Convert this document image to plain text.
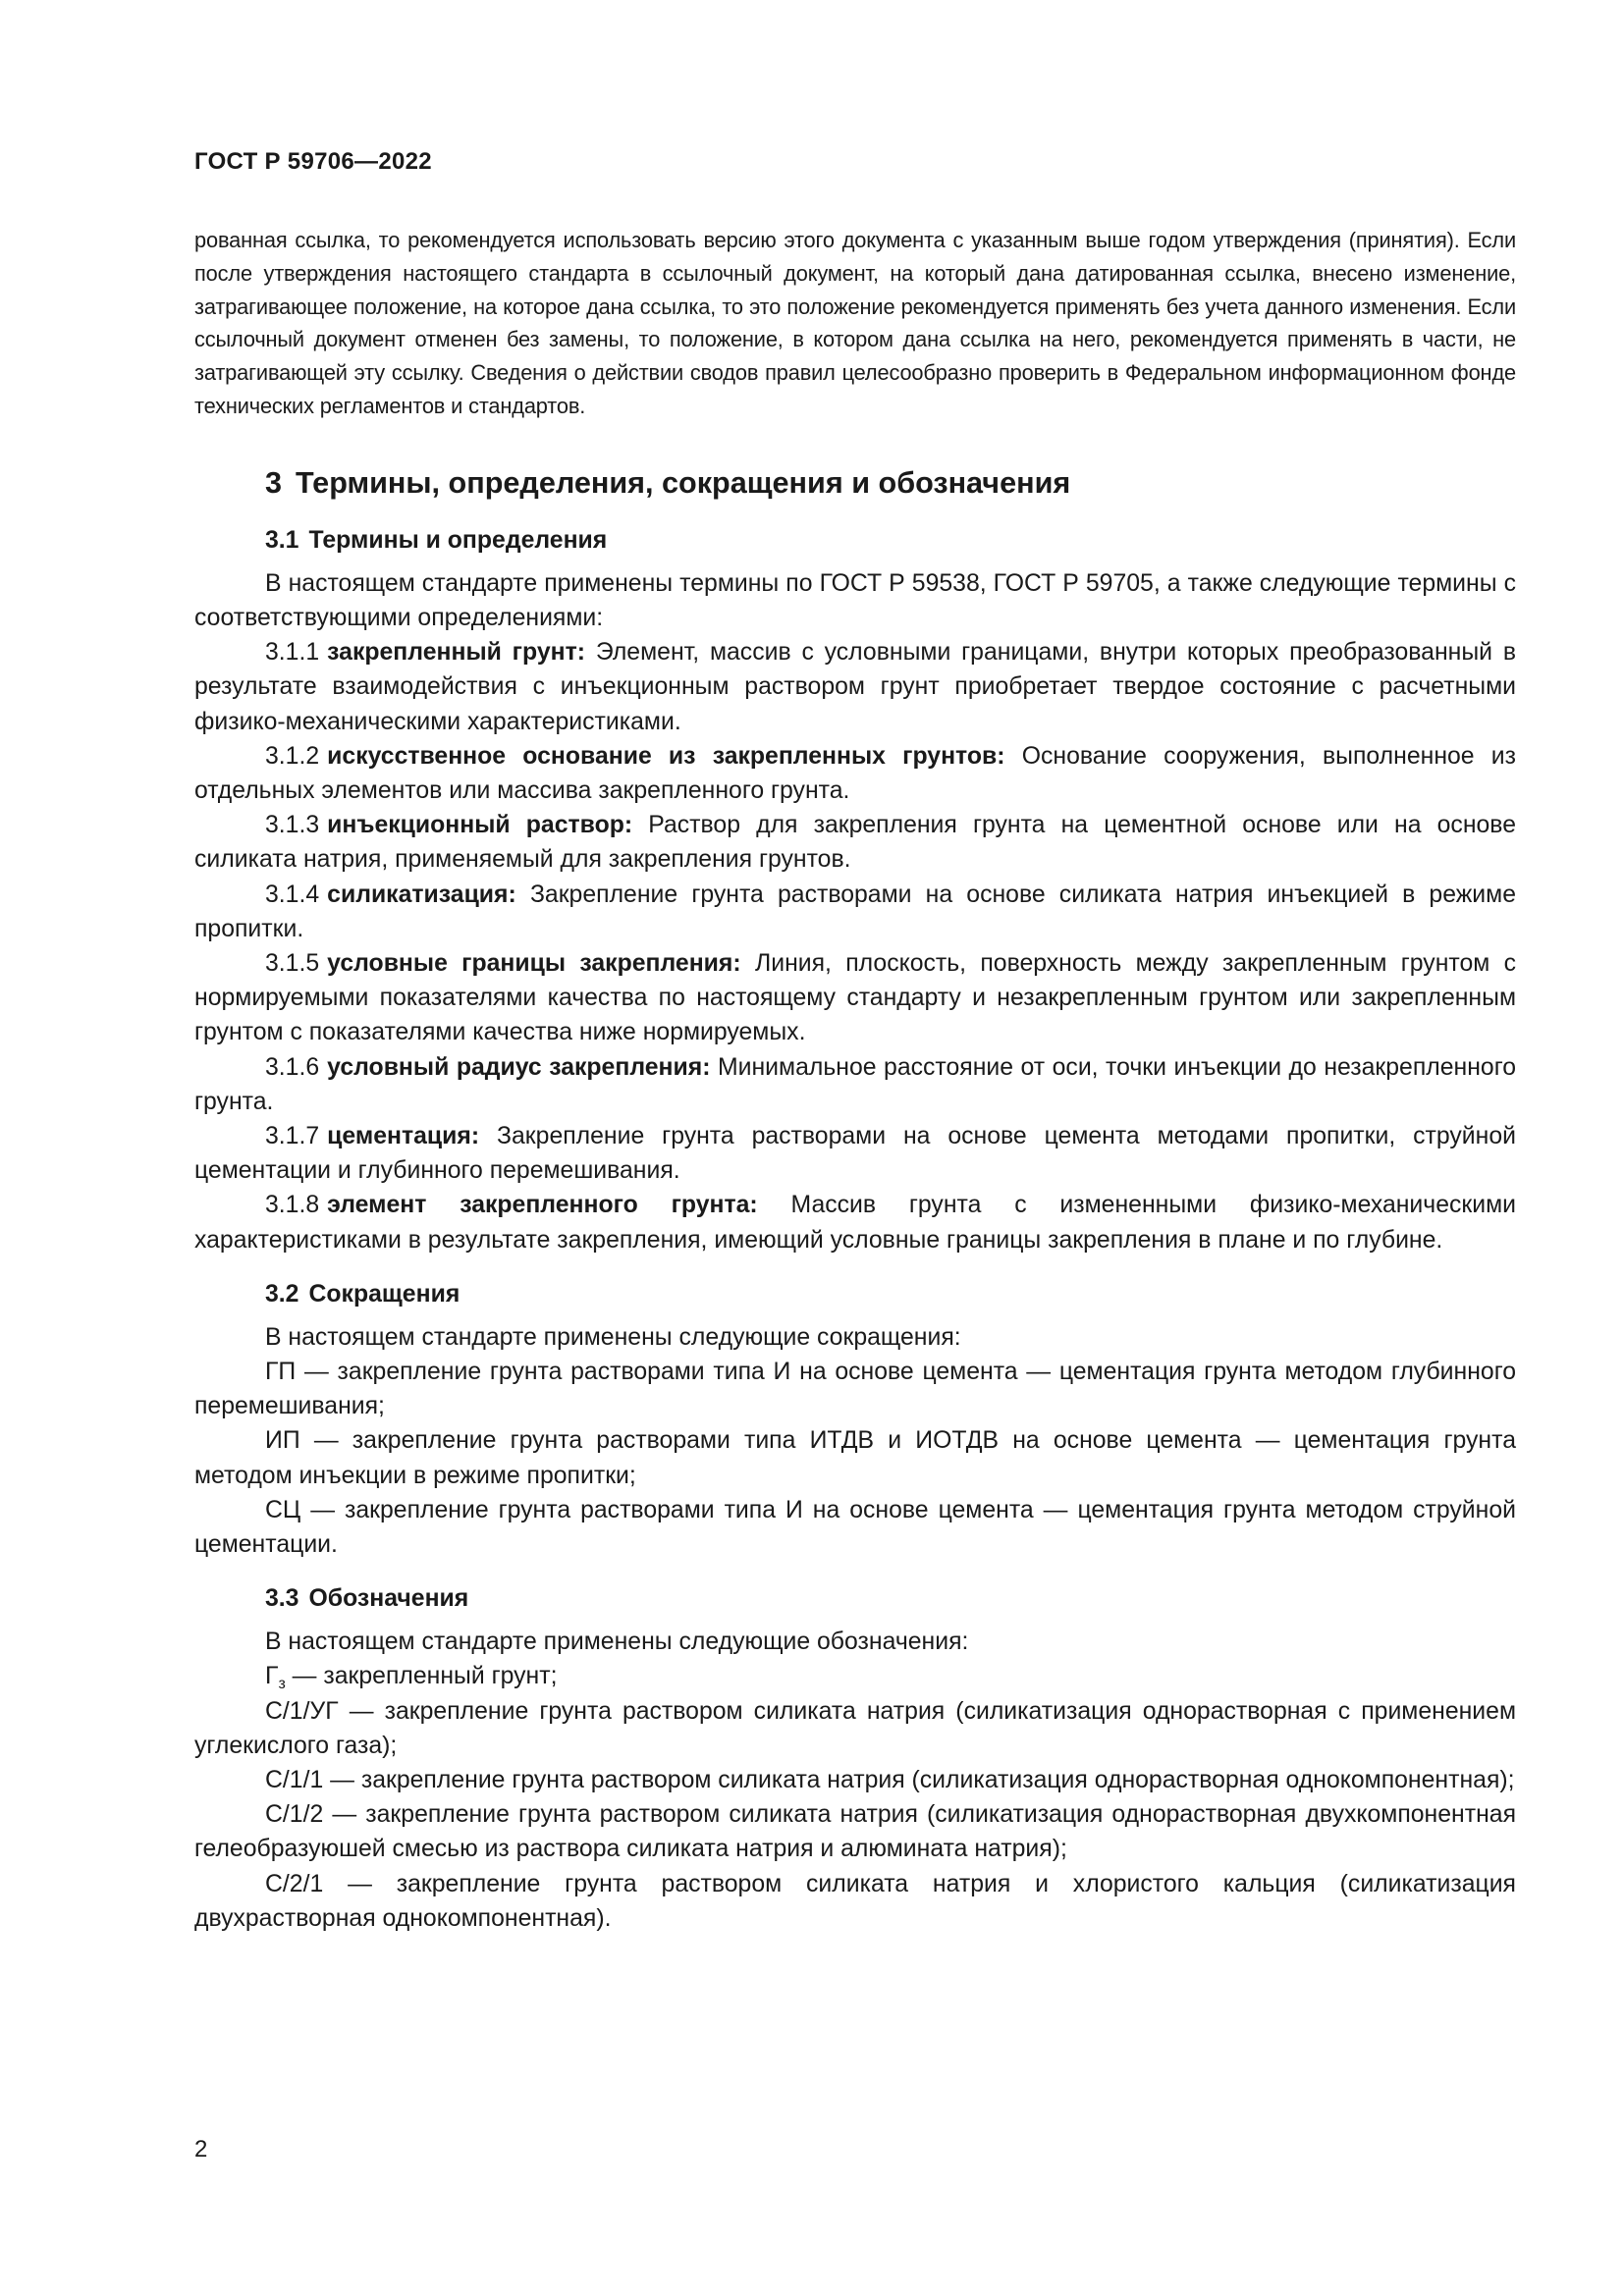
ГОСТ Р 59706—2022

рованная ссылка, то рекомендуется использовать версию этого документа с указанным выше годом утверждения (принятия). Если после утверждения настоящего стандарта в ссылочный документ, на который дана датированная ссылка, внесено изменение, затрагивающее положение, на которое дана ссылка, то это положение рекомендуется применять без учета данного изменения. Если ссылочный документ отменен без замены, то положение, в котором дана ссылка на него, рекомендуется применять в части, не затрагивающей эту ссылку. Сведения о действии сводов правил целесообразно проверить в Федеральном информационном фонде технических регламентов и стандартов.

3 Термины, определения, сокращения и обозначения
3.1 Термины и определения

В настоящем стандарте применены термины по ГОСТ Р 59538, ГОСТ Р 59705, а также следующие термины с соответствующими определениями:

3.1.1 закрепленный грунт: Элемент, массив с условными границами, внутри которых преобразованный в результате взаимодействия с инъекционным раствором грунт приобретает твердое состояние с расчетными физико-механическими характеристиками.

3.1.2 искусственное основание из закрепленных грунтов: Основание сооружения, выполненное из отдельных элементов или массива закрепленного грунта.

3.1.3 инъекционный раствор: Раствор для закрепления грунта на цементной основе или на основе силиката натрия, применяемый для закрепления грунтов.

3.1.4 силикатизация: Закрепление грунта растворами на основе силиката натрия инъекцией в режиме пропитки.

3.1.5 условные границы закрепления: Линия, плоскость, поверхность между закрепленным грунтом с нормируемыми показателями качества по настоящему стандарту и незакрепленным грунтом или закрепленным грунтом с показателями качества ниже нормируемых.

3.1.6 условный радиус закрепления: Минимальное расстояние от оси, точки инъекции до незакрепленного грунта.

3.1.7 цементация: Закрепление грунта растворами на основе цемента методами пропитки, струйной цементации и глубинного перемешивания.

3.1.8 элемент закрепленного грунта: Массив грунта с измененными физико-механическими характеристиками в результате закрепления, имеющий условные границы закрепления в плане и по глубине.

3.2 Сокращения

В настоящем стандарте применены следующие сокращения:

ГП — закрепление грунта растворами типа И на основе цемента — цементация грунта методом глубинного перемешивания;

ИП — закрепление грунта растворами типа ИТДВ и ИОТДВ на основе цемента — цементация грунта методом инъекции в режиме пропитки;

СЦ — закрепление грунта растворами типа И на основе цемента — цементация грунта методом струйной цементации.

3.3 Обозначения

В настоящем стандарте применены следующие обозначения:

$Г_з$ — закрепленный грунт;

С/1/УГ — закрепление грунта раствором силиката натрия (силикатизация однорастворная с применением углекислого газа);

С/1/1 — закрепление грунта раствором силиката натрия (силикатизация однорастворная однокомпонентная);

С/1/2 — закрепление грунта раствором силиката натрия (силикатизация однорастворная двухкомпонентная гелеобразуюшей смесью из раствора силиката натрия и алюмината натрия);

С/2/1 — закрепление грунта раствором силиката натрия и хлористого кальция (силикатизация двухрастворная однокомпонентная).

2
